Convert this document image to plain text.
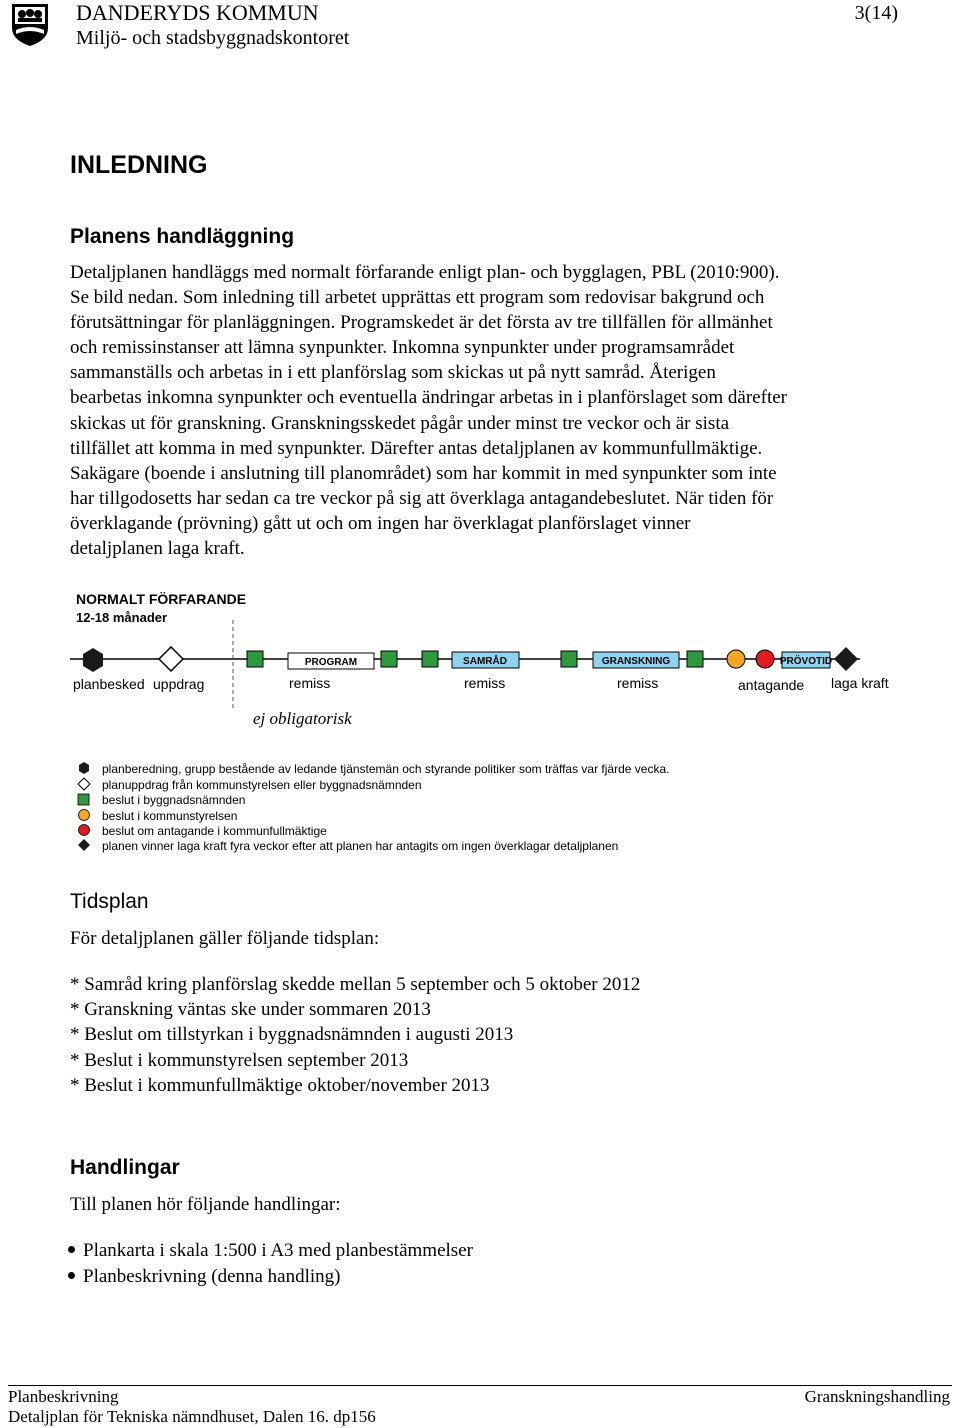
DANDERYDS KOMMUN
Miljö- och stadsbyggnadskontoret
3(14)
INLEDNING
Planens handläggning
Detaljplanen handläggs med normalt förfarande enligt plan- och bygglagen, PBL (2010:900).
Se bild nedan. Som inledning till arbetet upprättas ett program som redovisar bakgrund och
förutsättningar för planläggningen. Programskedet är det första av tre tillfällen för allmänhet
och remissinstanser att lämna synpunkter. Inkomna synpunkter under programsamrådet
sammanställs och arbetas in i ett planförslag som skickas ut på nytt samråd. Återigen
bearbetas inkomna synpunkter och eventuella ändringar arbetas in i planförslaget som därefter
skickas ut för granskning. Granskningsskedet pågår under minst tre veckor och är sista
tillfället att komma in med synpunkter. Därefter antas detaljplanen av kommunfullmäktige.
Sakägare (boende i anslutning till planområdet) som har kommit in med synpunkter som inte
har tillgodosetts har sedan ca tre veckor på sig att överklaga antagandebeslutet. När tiden för
överklagande (prövning) gått ut och om ingen har överklagat planförslaget vinner
detaljplanen laga kraft.
NORMALT FÖRFARANDE
12-18 månader
PROGRAM	SAMRÅD	GRANSKNING	PRÖVOTID
planbesked uppdrag	remiss	remiss	remiss	antagande laga kraft
ej obligatorisk
planberedning, grupp bestående av ledande tjänstemän och styrande politiker som träffas var fjärde vecka.
planuppdrag från kommunstyrelsen eller byggnadsnämnden
beslut i byggnadsnämnden
beslut i kommunstyrelsen
beslut om antagande i kommunfullmäktige
planen vinner laga kraft fyra veckor efter att planen har antagits om ingen överklagar detaljplanen
Tidsplan
För detaljplanen gäller följande tidsplan:
* Samråd kring planförslag skedde mellan 5 september och 5 oktober 2012
* Granskning väntas ske under sommaren 2013
* Beslut om tillstyrkan i byggnadsnämnden i augusti 2013
* Beslut i kommunstyrelsen september 2013
* Beslut i kommunfullmäktige oktober/november 2013
Handlingar
Till planen hör följande handlingar:
Plankarta i skala 1:500 i A3 med planbestämmelser
Planbeskrivning (denna handling)
Planbeskrivning
Detaljplan för Tekniska nämndhuset, Dalen 16. dp156
Granskningshandling
